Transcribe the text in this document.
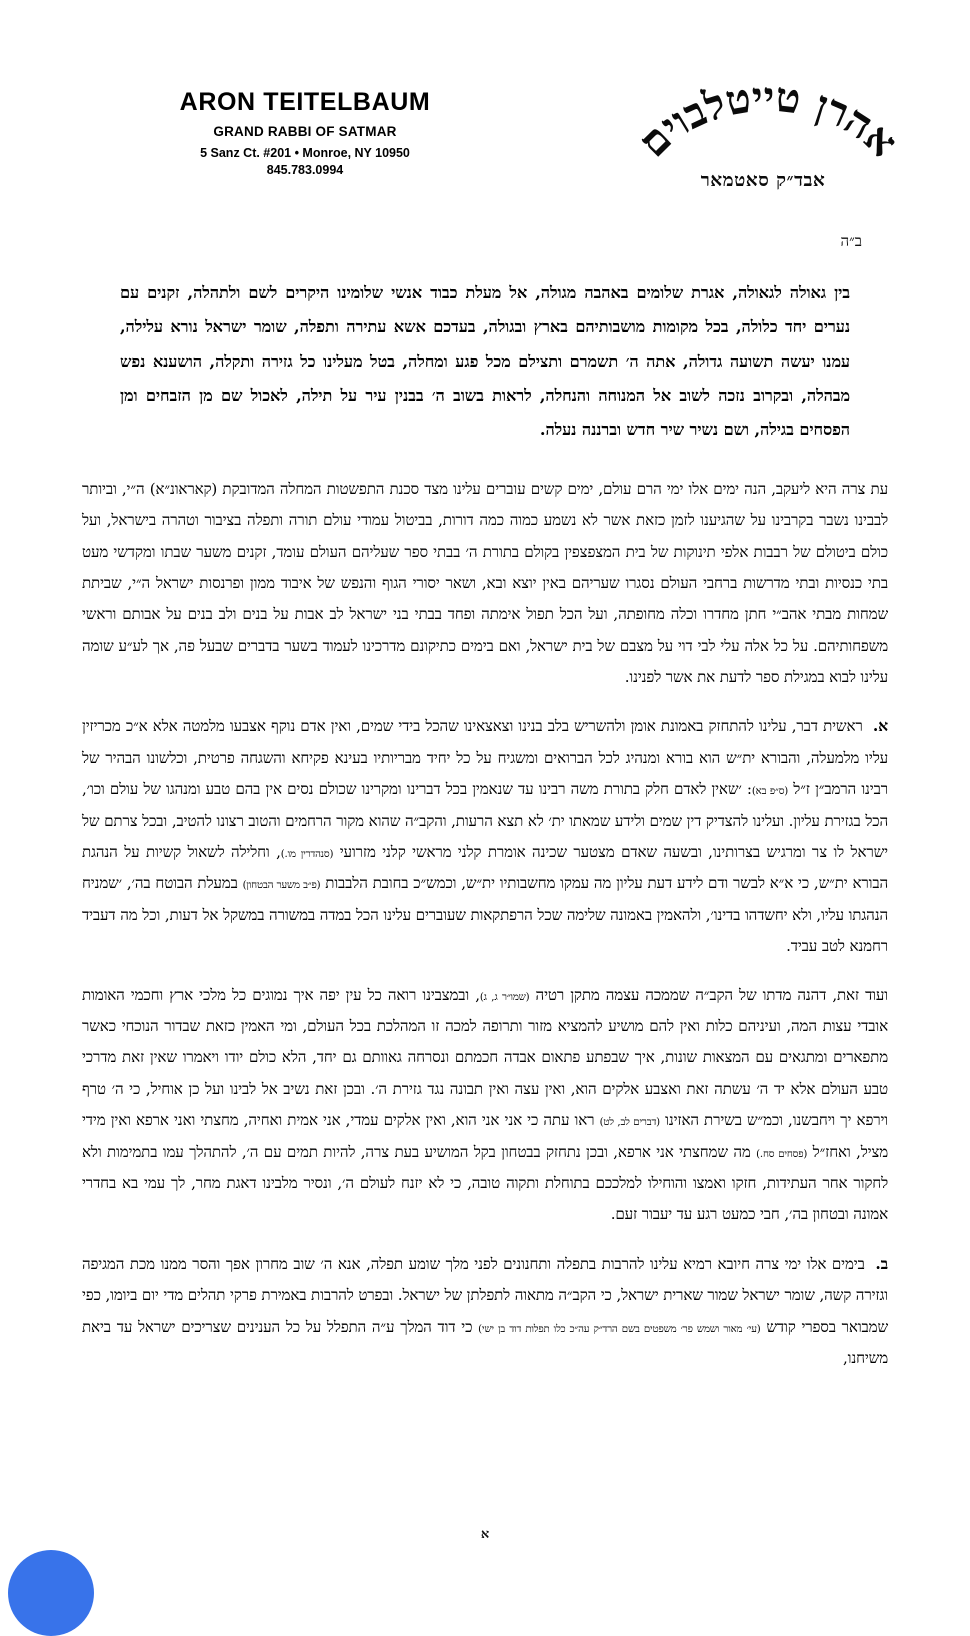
ARON TEITELBAUM
GRAND RABBI OF SATMAR
5 Sanz Ct. #201 • Monroe, NY 10950
845.783.0994
אהרן טייטלבוים
אבד״ק סאטמאר
ב״ה
בין גאולה לגאולה, אגרת שלומים באהבה מגולה, אל מעלת כבוד אנשי שלומינו היקרים לשם ולתהלה, זקנים עם נערים יחד כלולה, בכל מקומות מושבותיהם בארץ ובגולה, בעדכם אשא עתירה ותפלה, שומר ישראל נורא עלילה, עמנו יעשה תשועה גדולה, אתה ה׳ תשמרם ותצילם מכל פגע ומחלה, בטל מעלינו כל גזירה ותקלה, הושענא נפש מבהלה, ובקרוב נזכה לשוב אל המנוחה והנחלה, לראות בשוב ה׳ בבנין עיר על תילה, לאכול שם מן הזבחים ומן הפסחים בגילה, ושם נשיר שיר חדש וברננה נעלה.

עת צרה היא ליעקב, הנה ימים אלו ימי הרם עולם, ימים קשים עוברים עלינו מצד סכנת התפשטות המחלה המדובקת (קאראונ״א) ה״י, וביותר לבבינו נשבר בקרבינו על שהגיענו לזמן כזאת אשר לא נשמע כמוה כמה דורות, בביטול עמודי עולם תורה ותפלה בציבור וטהרה בישראל, ועל כולם ביטולם של רבבות אלפי תינוקות של בית המצפצפין בקולם בתורת ה׳ בבתי ספר שעליהם העולם עומד, זקנים משער שבתו ומקדשי מעט בתי כנסיות ובתי מדרשות ברחבי העולם נסגרו שעריהם באין יוצא ובא, ושאר יסורי הגוף והנפש של איבוד ממון ופרנסות ישראל ה״י, שביתת שמחות מבתי אהב״י חתן מחדרו וכלה מחופתה, ועל הכל תפול אימתה ופחד בבתי בני ישראל לב אבות על בנים ולב בנים על אבותם וראשי משפחותיהם. על כל אלה עלי לבי דוי על מצבם של בית ישראל, ואם בימים כתיקונם מדרכינו לעמוד בשער בדברים שבעל פה, אך לע״ע שומה עלינו לבוא במגילת ספר לדעת את אשר לפנינו.

א. ראשית דבר, עלינו להתחזק באמונת אומן ולהשריש בלב בנינו וצאצאינו שהכל בידי שמים, ואין אדם נוקף אצבעו מלמטה אלא א״כ מכריזין עליו מלמעלה, והבורא ית״ש הוא בורא ומנהיג לכל הברואים ומשגיח על כל יחיד מבריותיו בעינא פקיחא והשגחה פרטית, וכלשונו הבהיר של רבינו הרמב״ן ז״ל (ס״פ בא): ׳שאין לאדם חלק בתורת משה רבינו עד שנאמין בכל דברינו ומקרינו שכולם נסים אין בהם טבע ומנהגו של עולם וכו׳, הכל בגזירת עליון. ועלינו להצדיק דין שמים ולידע שמאתו ית׳ לא תצא הרעות, והקב״ה שהוא מקור הרחמים והטוב רצונו להטיב, ובכל צרתם של ישראל לו צר ומרגיש בצרותינו, ובשעה שאדם מצטער שכינה אומרת קלני מראשי קלני מזרועי (סנהדרין מו.), וחלילה לשאול קשיות על הנהגת הבורא ית״ש, כי א״א לבשר ודם לידע דעת עליון מה עמקו מחשבותיו ית״ש, וכמש״כ בחובת הלבבות (פ״ב משער הבטחון) במעלת הבוטח בה׳, ׳שמניח הנהגתו עליו, ולא יחשדהו בדינו׳, ולהאמין באמונה שלימה שכל הרפתקאות שעוברים עלינו הכל במדה במשורה במשקל אל דעות, וכל מה דעביד רחמנא לטב עביד.

ועוד זאת, דהנה מדתו של הקב״ה שממכה עצמה מתקן רטיה (שמו״ר ג, ג), ובמצבינו רואה כל עין יפה איך נמוגים כל מלכי ארץ וחכמי האומות אובדי עצות המה, ועיניהם כלות ואין להם מושיע להמציא מזור ותרופה למכה זו המהלכת בכל העולם, ומי האמין כזאת שבדור הנוכחי כאשר מתפארים ומתגאים עם המצאות שונות, איך שבפתע פתאום אבדה חכמתם ונסרחה גאוותם גם יחד, הלא כולם יודו ויאמרו שאין זאת מדרכי טבע העולם אלא יד ה׳ עשתה זאת ואצבע אלקים הוא, ואין עצה ואין תבונה נגד גזירת ה׳. ובכן זאת נשיב אל לבינו ועל כן אוחיל, כי ה׳ טרף וירפא יך ויחבשנו, וכמ״ש בשירת האזינו (דברים לב, לט) ראו עתה כי אני אני הוא, ואין אלקים עמדי, אני אמית ואחיה, מחצתי ואני ארפא ואין מידי מציל, ואחז״ל (פסחים סח.) מה שמחצתי אני ארפא, ובכן נתחזק בבטחון בקל המושיע בעת צרה, להיות תמים עם ה׳, להתהלך עמו בתמימות ולא לחקור אחר העתידות, חזקו ואמצו והוחילו למלככם בתוחלת ותקוה טובה, כי לא יזנח לעולם ה׳, ונסיר מלבינו דאגת מחר, לך עמי בא בחדרי אמונה ובטחון בה׳, חבי כמעט רגע עד יעבור זעם.

ב. בימים אלו ימי צרה חיובא רמיא עלינו להרבות בתפלה ותחנונים לפני מלך שומע תפלה, אנא ה׳ שוב מחרון אפך והסר ממנו מכת המגיפה וגזירה קשה, שומר ישראל שמור שארית ישראל, כי הקב״ה מתאוה לתפלתן של ישראל. ובפרט להרבות באמירת פרקי תהלים מדי יום ביומו, כפי שמבואר בספרי קודש (עי׳ מאור ושמש פר׳ משפטים בשם הרד״ק עה״כ כלו תפלות דוד בן ישי) כי דוד המלך ע״ה התפלל על כל הענינים שצריכים ישראל עד ביאת משיחנו,

א
